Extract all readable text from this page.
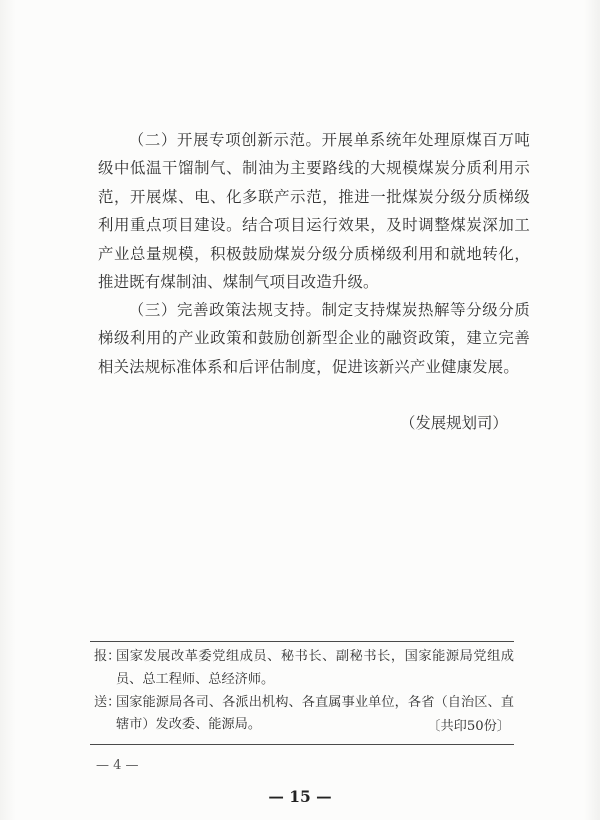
（二）开展专项创新示范。开展单系统年处理原煤百万吨级中低温干馏制气、制油为主要路线的大规模煤炭分质利用示范，开展煤、电、化多联产示范，推进一批煤炭分级分质梯级利用重点项目建设。结合项目运行效果，及时调整煤炭深加工产业总量规模，积极鼓励煤炭分级分质梯级利用和就地转化，推进既有煤制油、煤制气项目改造升级。

（三）完善政策法规支持。制定支持煤炭热解等分级分质梯级利用的产业政策和鼓励创新型企业的融资政策，建立完善相关法规标准体系和后评估制度，促进该新兴产业健康发展。

（发展规划司）
报：
国家发展改革委党组成员、秘书长、副秘书长，国家能源局党组成员、总工程师、总经济师。
送：
国家能源局各司、各派出机构、各直属事业单位，各省（自治区、直辖市）发改委、能源局。	〔共印50份〕
— 4 —
— 15 —
